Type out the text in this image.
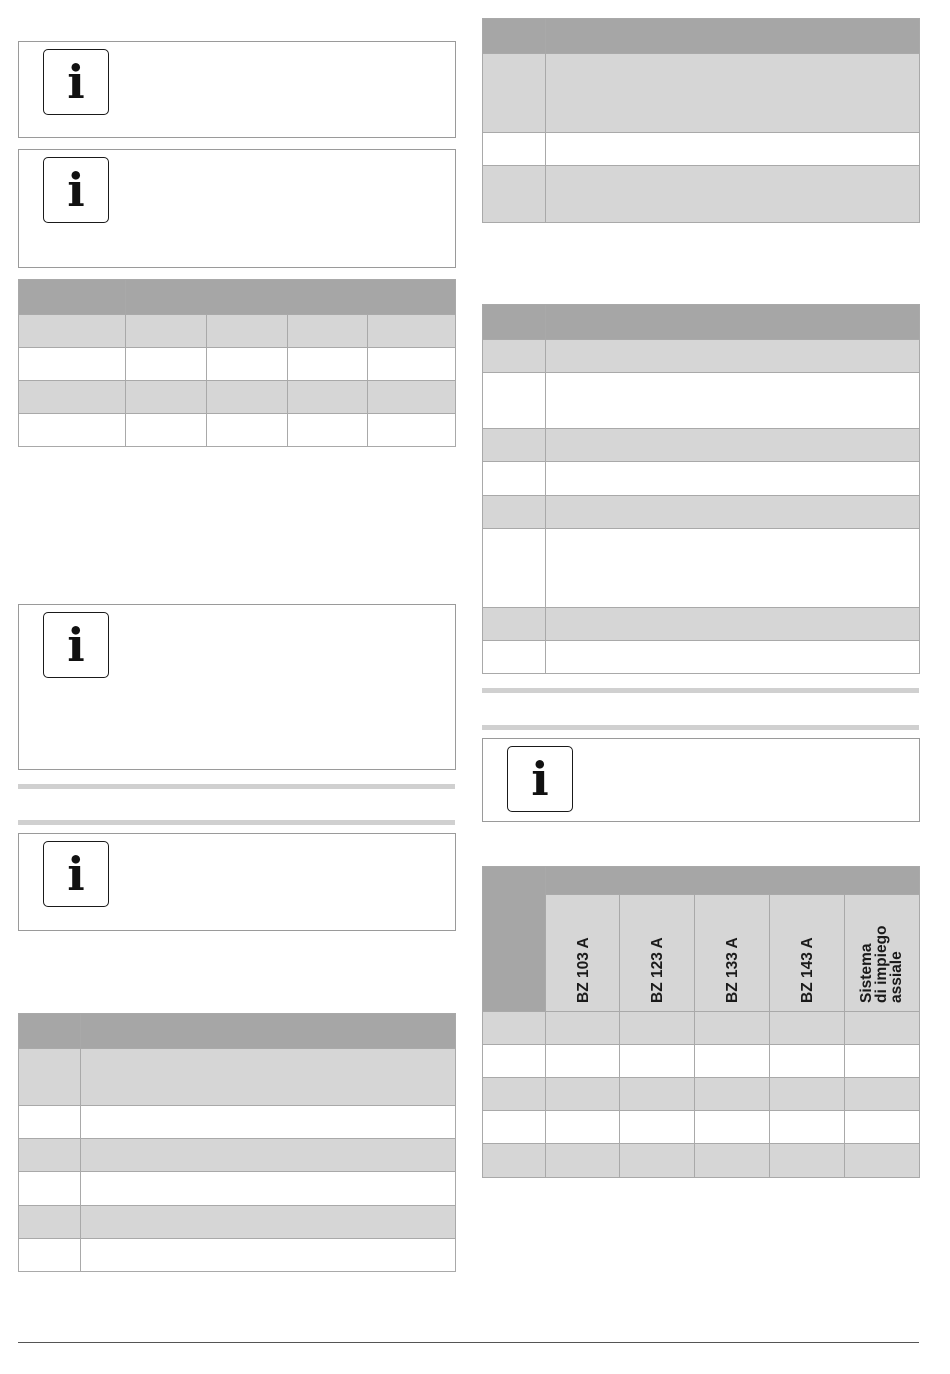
i
i

i
i

i

	BZ 103 A	BZ 123 A	BZ 133 A	BZ 143 A	Sistema
di impiego
assiale
